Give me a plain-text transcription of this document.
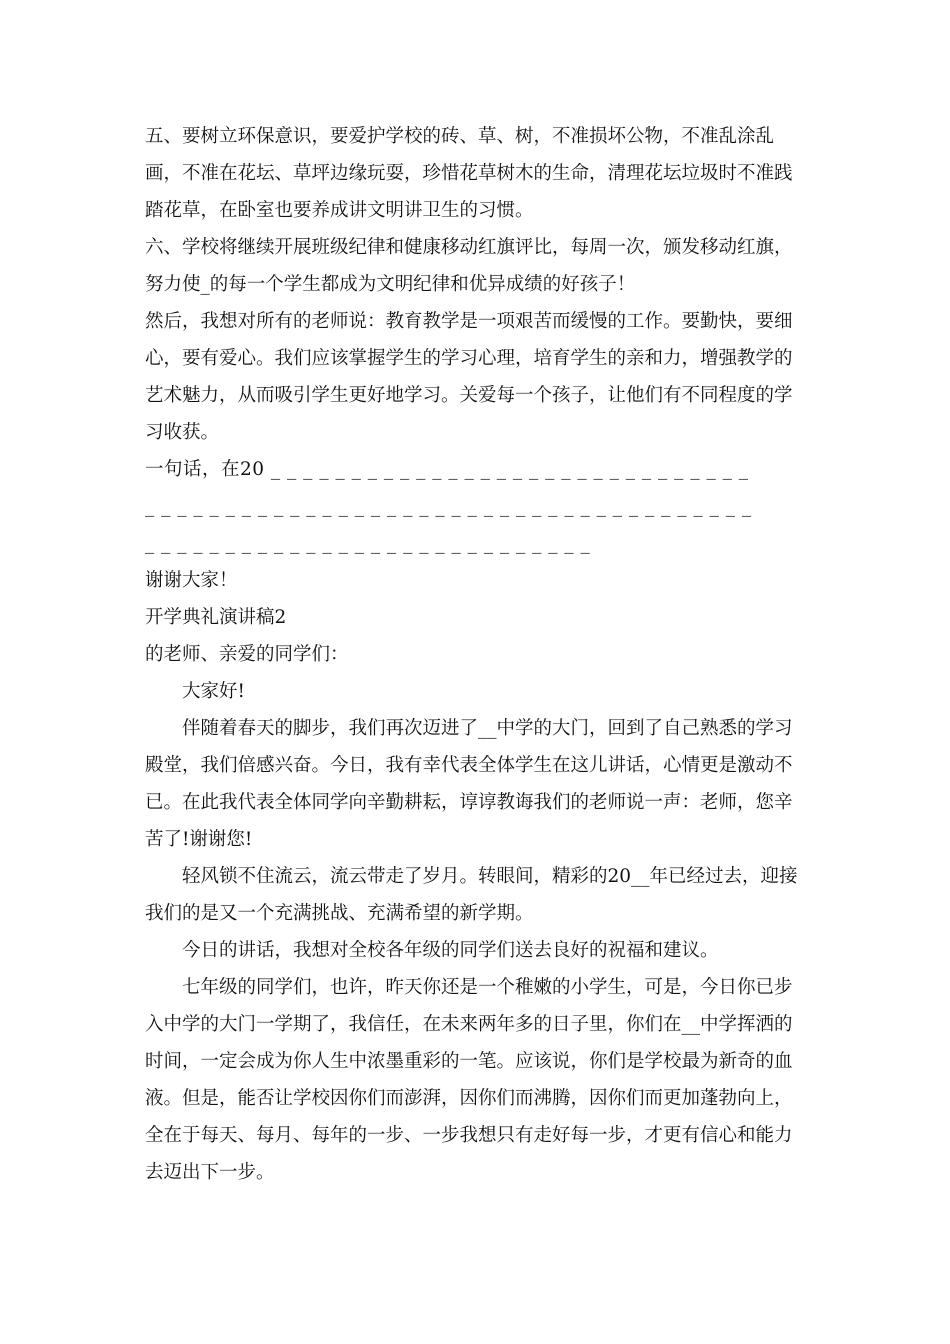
五、要树立环保意识，要爱护学校的砖、草、树，不准损坏公物，不准乱涂乱画，不准在花坛、草坪边缘玩耍，珍惜花草树木的生命，清理花坛垃圾时不准践踏花草，在卧室也要养成讲文明讲卫生的习惯。

六、学校将继续开展班级纪律和健康移动红旗评比，每周一次，颁发移动红旗，努力使_的每一个学生都成为文明纪律和优异成绩的好孩子！

然后，我想对所有的老师说：教育教学是一项艰苦而缓慢的工作。要勤快，要细心，要有爱心。我们应该掌握学生的学习心理，培育学生的亲和力，增强教学的艺术魅力，从而吸引学生更好地学习。关爱每一个孩子，让他们有不同程度的学习收获。

一句话，在20 _ _ _ _ _ _ _ _ _ _ _ _ _ _ _ _ _ _ _ _ _ _ _ _ _ _ _ _ _ _

_ _ _ _ _ _ _ _ _ _ _ _ _ _ _ _ _ _ _ _ _ _ _ _ _ _ _ _ _ _ _ _ _ _ _ _ _ _

_ _ _ _ _ _ _ _ _ _ _ _ _ _ _ _ _ _ _ _ _ _ _ _ _ _ _ _

谢谢大家！

开学典礼演讲稿2

的老师、亲爱的同学们：

大家好!

伴随着春天的脚步，我们再次迈进了__中学的大门，回到了自己熟悉的学习殿堂，我们倍感兴奋。今日，我有幸代表全体学生在这儿讲话，心情更是激动不已。在此我代表全体同学向辛勤耕耘，谆谆教诲我们的老师说一声：老师，您辛苦了!谢谢您!

轻风锁不住流云，流云带走了岁月。转眼间，精彩的20__年已经过去，迎接我们的是又一个充满挑战、充满希望的新学期。

今日的讲话，我想对全校各年级的同学们送去良好的祝福和建议。

七年级的同学们，也许，昨天你还是一个稚嫩的小学生，可是，今日你已步入中学的大门一学期了，我信任，在未来两年多的日子里，你们在__中学挥洒的时间，一定会成为你人生中浓墨重彩的一笔。应该说，你们是学校最为新奇的血液。但是，能否让学校因你们而澎湃，因你们而沸腾，因你们而更加蓬勃向上，全在于每天、每月、每年的一步、一步我想只有走好每一步，才更有信心和能力去迈出下一步。
